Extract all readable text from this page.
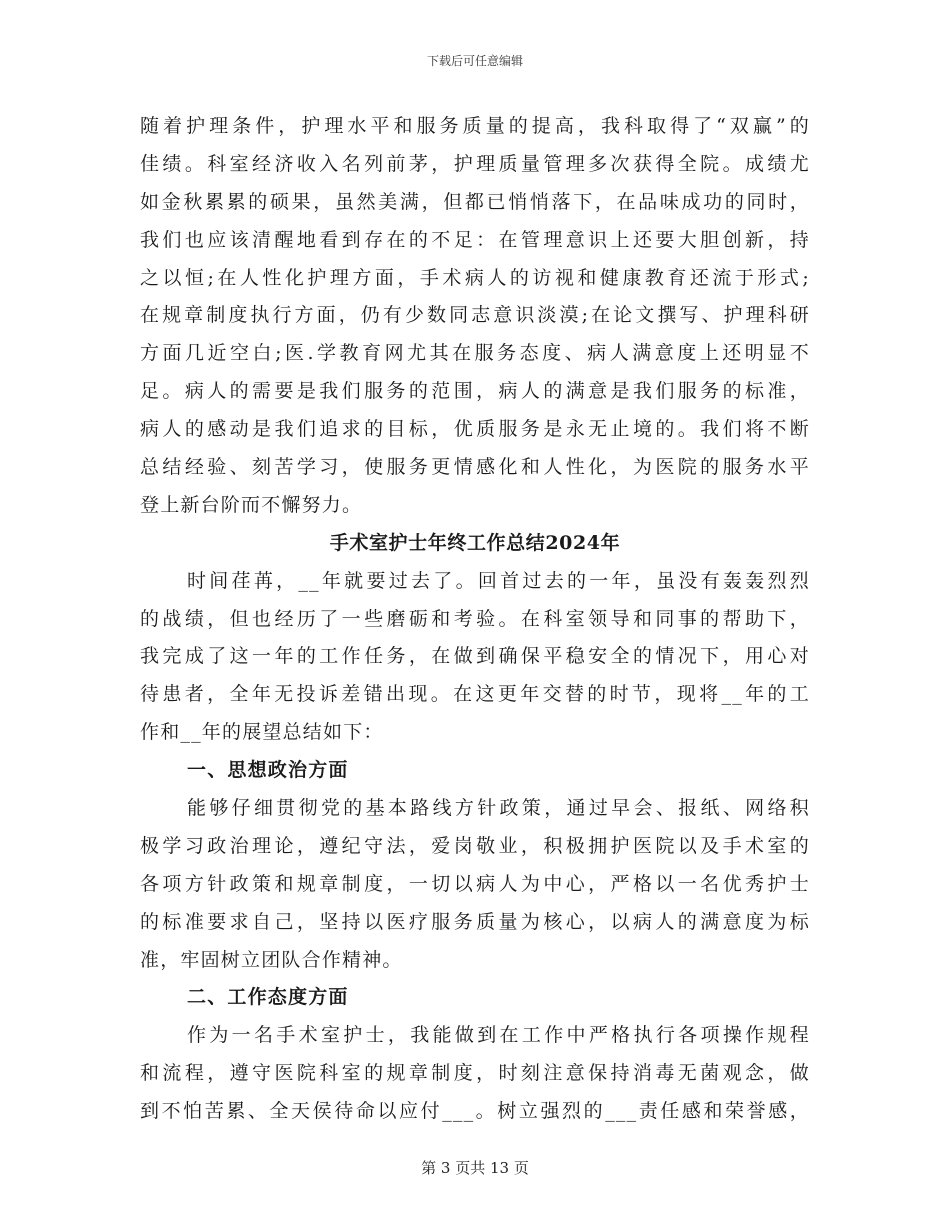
下载后可任意编辑
随着护理条件，护理水平和服务质量的提高，我科取得了“双赢”的
佳绩。科室经济收入名列前茅，护理质量管理多次获得全院。成绩尤
如金秋累累的硕果，虽然美满，但都已悄悄落下，在品味成功的同时，
我们也应该清醒地看到存在的不足：在管理意识上还要大胆创新，持
之以恒;在人性化护理方面，手术病人的访视和健康教育还流于形式;
在规章制度执行方面，仍有少数同志意识淡漠;在论文撰写、护理科研
方面几近空白;医.学教育网尤其在服务态度、病人满意度上还明显不
足。病人的需要是我们服务的范围，病人的满意是我们服务的标准，
病人的感动是我们追求的目标，优质服务是永无止境的。我们将不断
总结经验、刻苦学习，使服务更情感化和人性化，为医院的服务水平
登上新台阶而不懈努力。
手术室护士年终工作总结2024年
时间荏苒，__年就要过去了。回首过去的一年，虽没有轰轰烈烈
的战绩，但也经历了一些磨砺和考验。在科室领导和同事的帮助下，
我完成了这一年的工作任务，在做到确保平稳安全的情况下，用心对
待患者，全年无投诉差错出现。在这更年交替的时节，现将__年的工
作和__年的展望总结如下：
一、思想政治方面
能够仔细贯彻党的基本路线方针政策，通过早会、报纸、网络积
极学习政治理论，遵纪守法，爱岗敬业，积极拥护医院以及手术室的
各项方针政策和规章制度，一切以病人为中心，严格以一名优秀护士
的标准要求自己，坚持以医疗服务质量为核心，以病人的满意度为标
准，牢固树立团队合作精神。
二、工作态度方面
作为一名手术室护士，我能做到在工作中严格执行各项操作规程
和流程，遵守医院科室的规章制度，时刻注意保持消毒无菌观念，做
到不怕苦累、全天侯待命以应付___。树立强烈的___责任感和荣誉感，
第 3 页共 13 页
